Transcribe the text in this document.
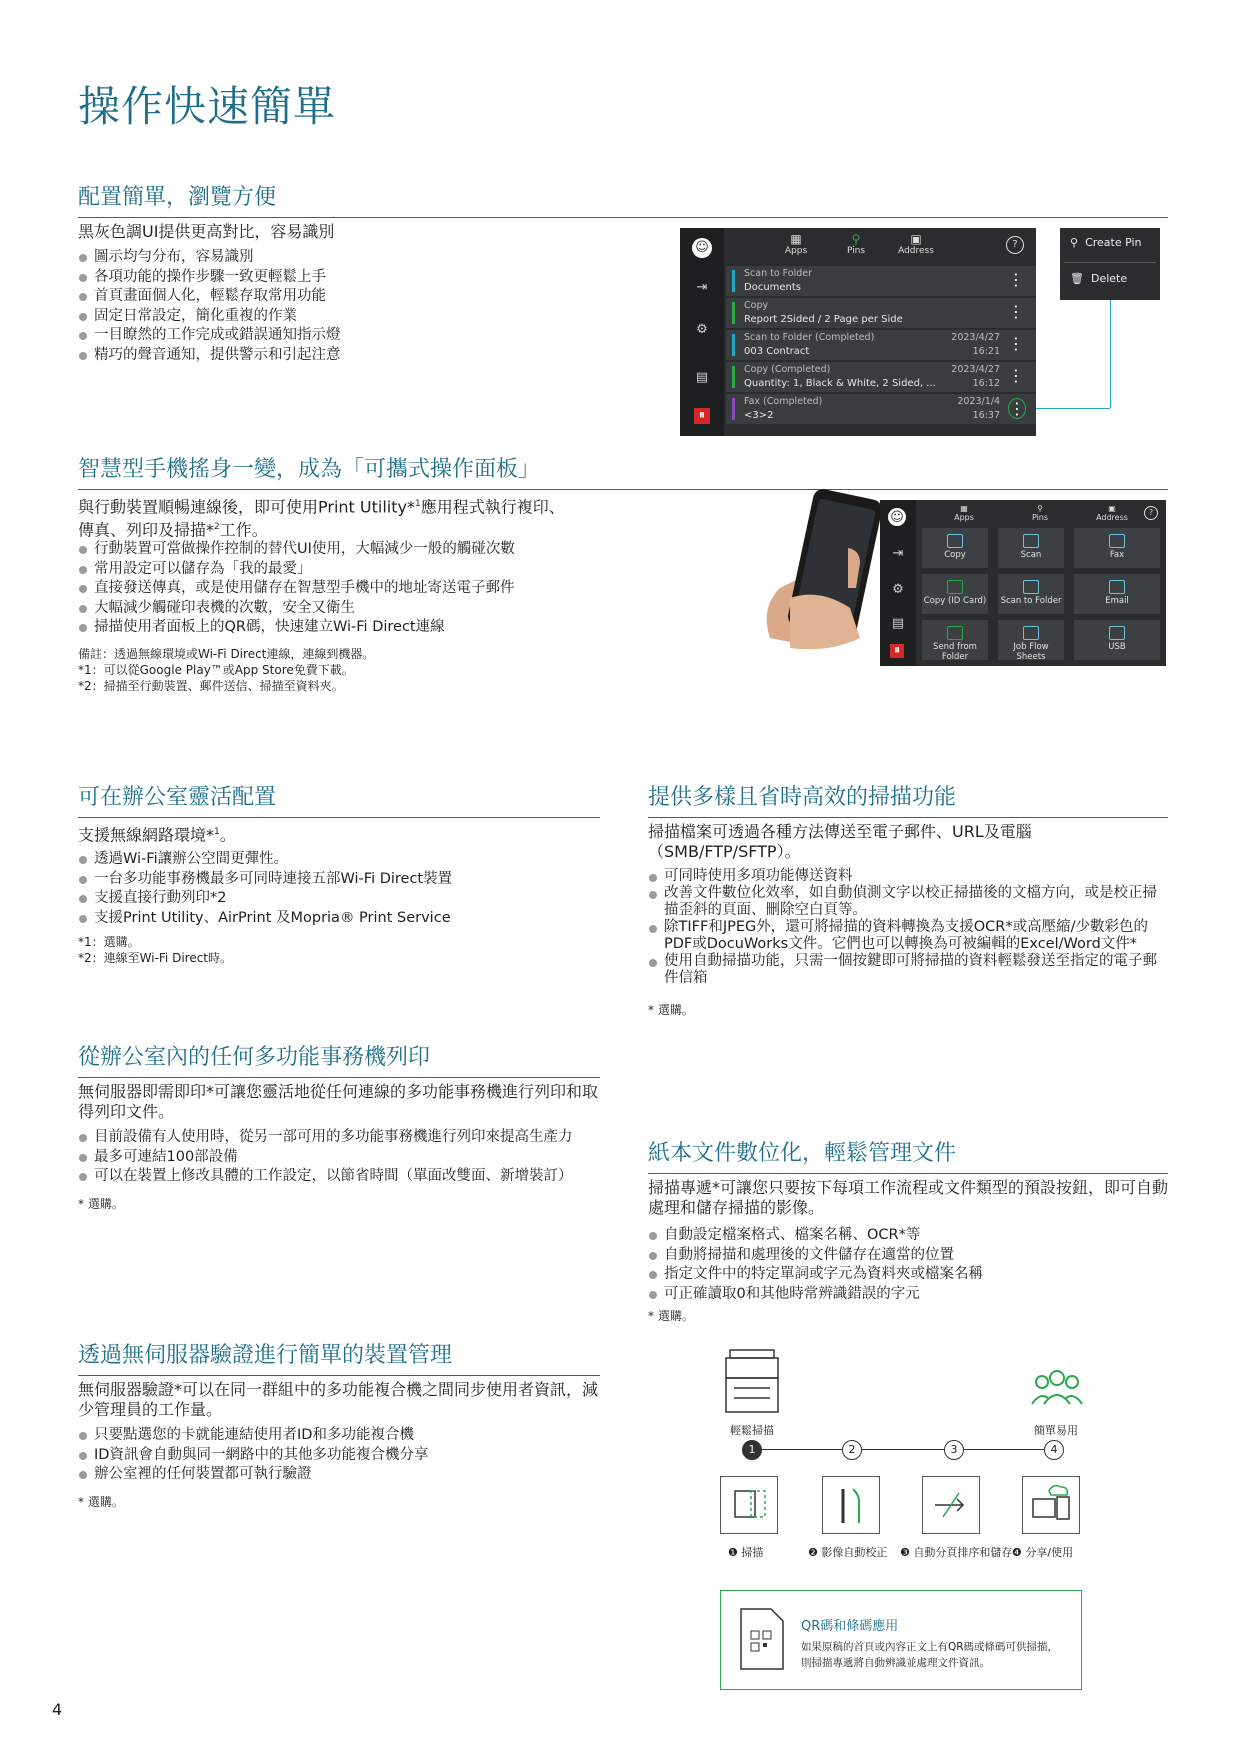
操作快速簡單
配置簡單，瀏覽方便
黑灰色調UI提供更高對比，容易識別
圖示均勻分布，容易識別
各項功能的操作步驟一致更輕鬆上手
首頁畫面個人化，輕鬆存取常用功能
固定日常設定，簡化重複的作業
一目瞭然的工作完成或錯誤通知指示燈
精巧的聲音通知，提供警示和引起注意
☺
⇥
⚙
▤
⏸
▦
Apps
⚲
Pins
▣
Address
?
Scan to Folder
Documents	⋮
Copy
Report 2Sided / 2 Page per Side	⋮
Scan to Folder (Completed)
003 Contract
2023/4/27
16:21 ⋮
Copy (Completed)
Quantity: 1, Black & White, 2 Sided, ...
2023/4/27
16:12 ⋮
Fax (Completed)
<3>2
2023/1/4
16:37 ⋮
⚲ Create Pin
🗑 Delete
智慧型手機搖身一變，成為「可攜式操作面板」
與行動裝置順暢連線後，即可使用Print Utility*$^1$應用程式執行複印、
傳真、列印及掃描*$^2$工作。
行動裝置可當做操作控制的替代UI使用，大幅減少一般的觸碰次數
常用設定可以儲存為「我的最愛」
直接發送傳真，或是使用儲存在智慧型手機中的地址寄送電子郵件
大幅減少觸碰印表機的次數，安全又衛生
掃描使用者面板上的QR碼，快速建立Wi-Fi Direct連線
備註：透過無線環境或Wi-Fi Direct連線，連線到機器。
*1：可以從Google Play™或App Store免費下載。
*2：掃描至行動裝置、郵件送信、掃描至資料夾。
☺
⇥
⚙
▤
⏸
▦
Apps
⚲
Pins
▣
Address
?
Copy	Scan	Fax
Copy (ID Card)	Scan to Folder	Email
Send from Folder
Job Flow Sheets
USB
可在辦公室靈活配置
支援無線網路環境*$^1$。
透過Wi-Fi讓辦公空間更彈性。
一台多功能事務機最多可同時連接五部Wi-Fi Direct裝置
支援直接行動列印*2
支援Print Utility、AirPrint 及Mopria® Print Service
*1：選購。
*2：連線至Wi-Fi Direct時。
提供多樣且省時高效的掃描功能
掃描檔案可透過各種方法傳送至電子郵件、URL及電腦（SMB/FTP/SFTP）。
可同時使用多項功能傳送資料
改善文件數位化效率，如自動偵測文字以校正掃描後的文檔方向，或是校正掃描歪斜的頁面、刪除空白頁等。
除TIFF和JPEG外，還可將掃描的資料轉換為支援OCR*或高壓縮/少數彩色的PDF或DocuWorks文件。它們也可以轉換為可被編輯的Excel/Word文件*
使用自動掃描功能，只需一個按鍵即可將掃描的資料輕鬆發送至指定的電子郵件信箱
* 選購。
從辦公室內的任何多功能事務機列印
無伺服器即需即印*可讓您靈活地從任何連線的多功能事務機進行列印和取得列印文件。
目前設備有人使用時，從另一部可用的多功能事務機進行列印來提高生產力
最多可連結100部設備
可以在裝置上修改具體的工作設定，以節省時間（單面改雙面、新增裝訂）
* 選購。
紙本文件數位化，輕鬆管理文件
掃描專遞*可讓您只要按下每項工作流程或文件類型的預設按鈕，即可自動處理和儲存掃描的影像。
自動設定檔案格式、檔案名稱、OCR*等
自動將掃描和處理後的文件儲存在適當的位置
指定文件中的特定單詞或字元為資料夾或檔案名稱
可正確讀取0和其他時常辨識錯誤的字元
* 選購。
透過無伺服器驗證進行簡單的裝置管理
無伺服器驗證*可以在同一群組中的多功能複合機之間同步使用者資訊，減少管理員的工作量。
只要點選您的卡就能連結使用者ID和多功能複合機
ID資訊會自動與同一網路中的其他多功能複合機分享
辦公室裡的任何裝置都可執行驗證
* 選購。
輕鬆掃描	簡單易用
1	2	3	4
❶ 掃描	❷ 影像自動校正 ❸ 自動分頁排序和儲存 ❹ 分享/使用
QR碼和條碼應用
如果原稿的首頁或內容正文上有QR碼或條碼可供掃描，
則掃描專遞將自動辨識並處理文件資訊。
4
